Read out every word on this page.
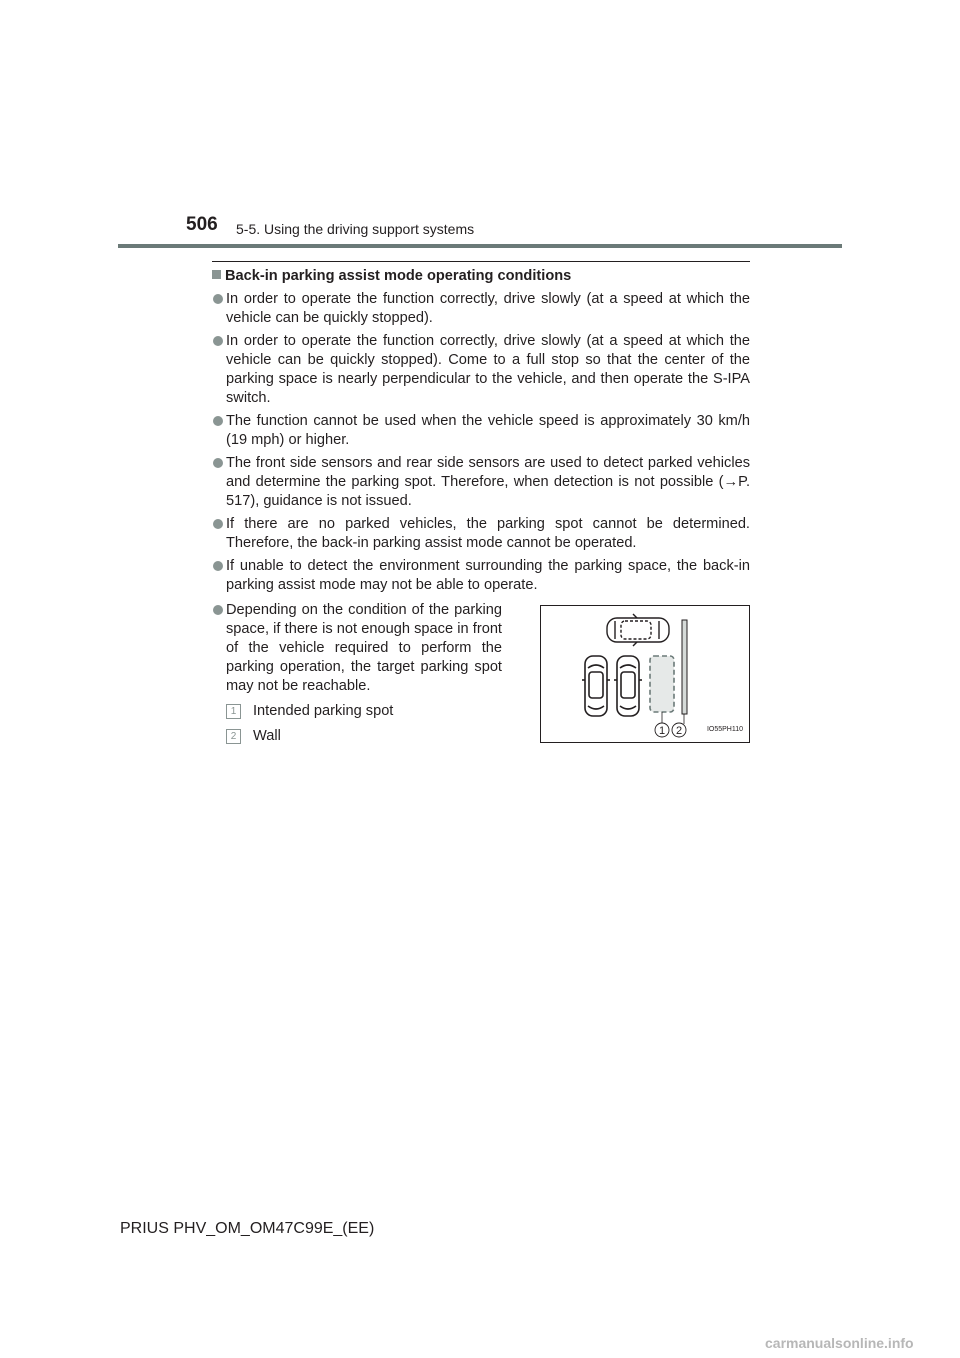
506 5-5. Using the driving support systems
Back-in parking assist mode operating conditions
In order to operate the function correctly, drive slowly (at a speed at which the vehicle can be quickly stopped).
In order to operate the function correctly, drive slowly (at a speed at which the vehicle can be quickly stopped). Come to a full stop so that the center of the parking space is nearly perpendicular to the vehicle, and then operate the S-IPA switch.
The function cannot be used when the vehicle speed is approximately 30 km/h (19 mph) or higher.
The front side sensors and rear side sensors are used to detect parked vehicles and determine the parking spot. Therefore, when detection is not possible (→P. 517), guidance is not issued.
If there are no parked vehicles, the parking spot cannot be determined. Therefore, the back-in parking assist mode cannot be operated.
If unable to detect the environment surrounding the parking space, the back-in parking assist mode may not be able to operate.
Depending on the condition of the parking space, if there is not enough space in front of the vehicle required to perform the parking operation, the target parking spot may not be reachable.
1	Intended parking spot
2	Wall	1 2	IO55PH110
PRIUS PHV_OM_OM47C99E_(EE)
carmanualsonline.info
